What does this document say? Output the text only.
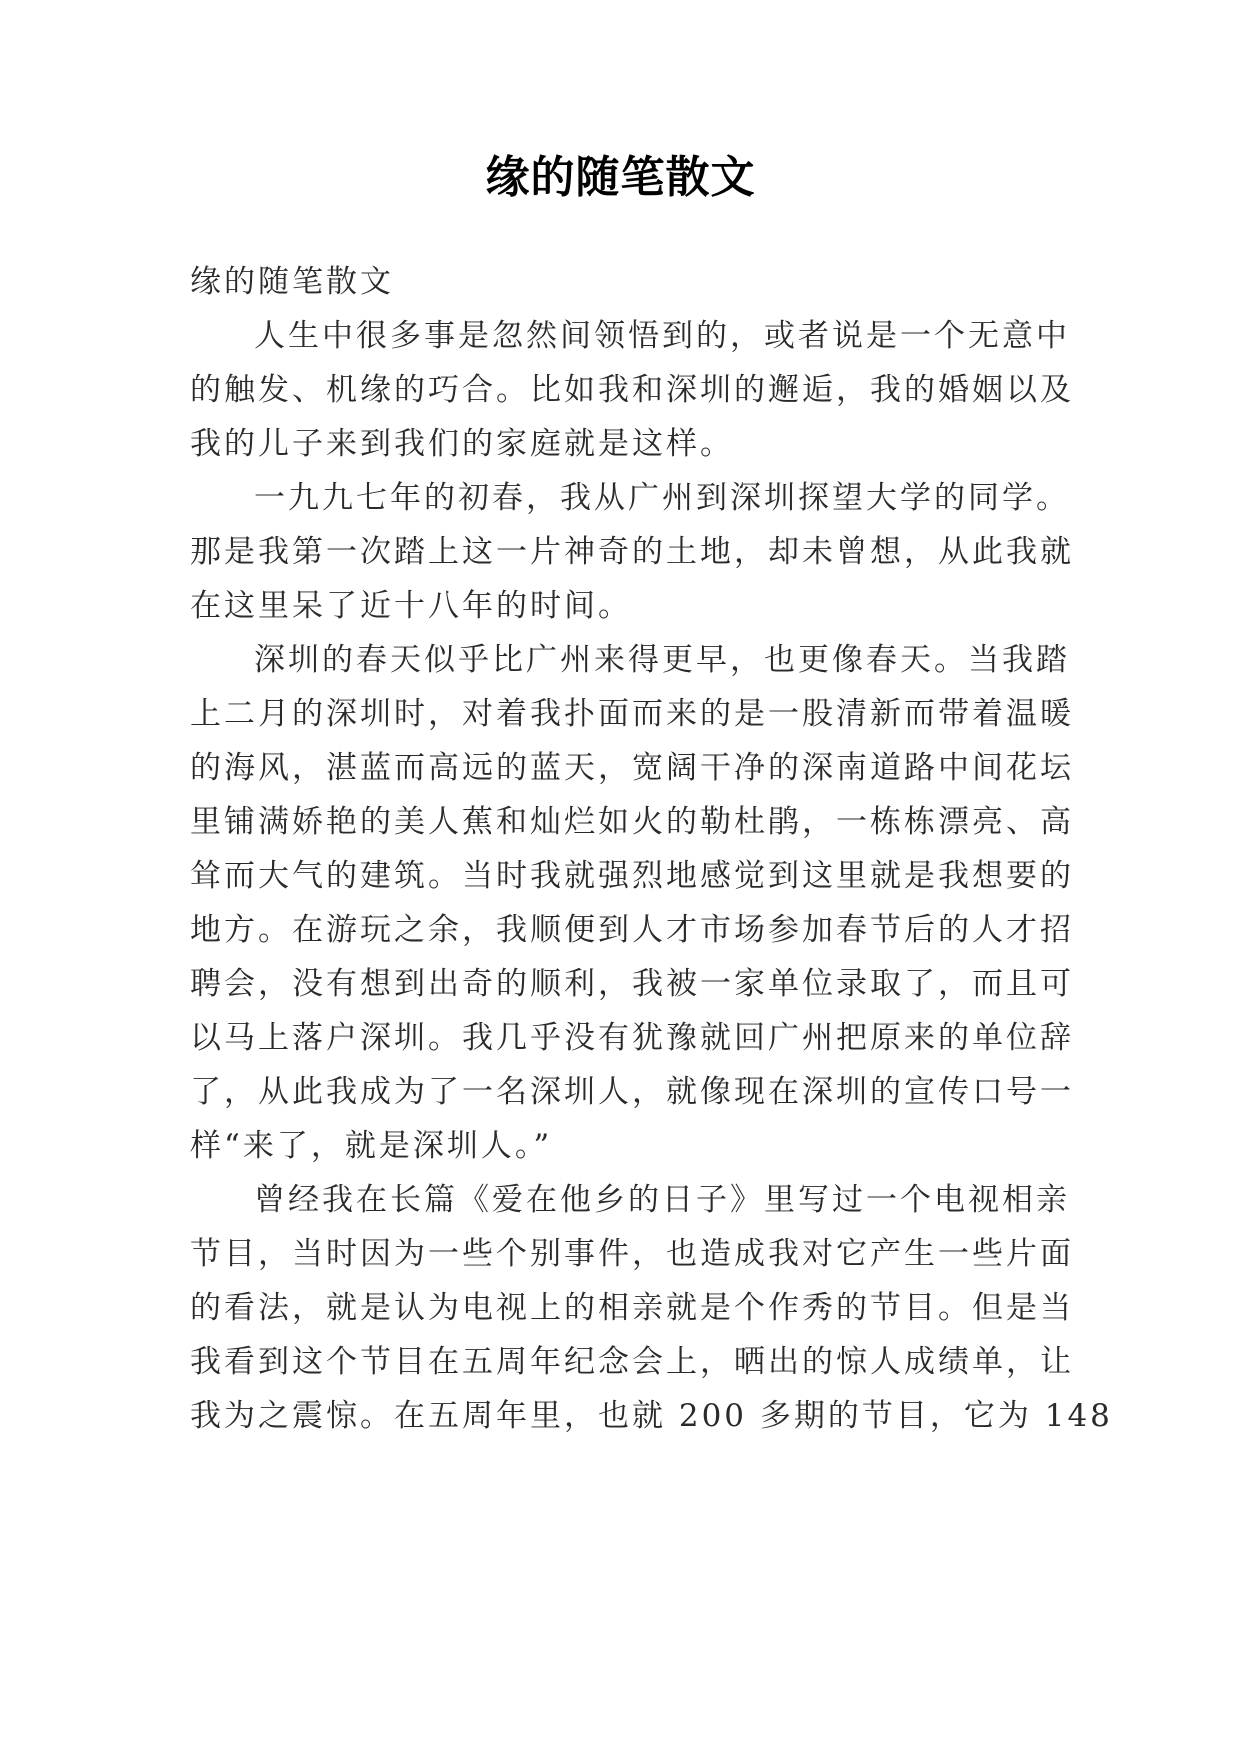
缘的随笔散文

缘的随笔散文

人生中很多事是忽然间领悟到的，或者说是一个无意中

的触发、机缘的巧合。比如我和深圳的邂逅，我的婚姻以及

我的儿子来到我们的家庭就是这样。

一九九七年的初春，我从广州到深圳探望大学的同学。

那是我第一次踏上这一片神奇的土地，却未曾想，从此我就

在这里呆了近十八年的时间。

深圳的春天似乎比广州来得更早，也更像春天。当我踏

上二月的深圳时，对着我扑面而来的是一股清新而带着温暖

的海风，湛蓝而高远的蓝天，宽阔干净的深南道路中间花坛

里铺满娇艳的美人蕉和灿烂如火的勒杜鹃，一栋栋漂亮、高

耸而大气的建筑。当时我就强烈地感觉到这里就是我想要的

地方。在游玩之余，我顺便到人才市场参加春节后的人才招

聘会，没有想到出奇的顺利，我被一家单位录取了，而且可

以马上落户深圳。我几乎没有犹豫就回广州把原来的单位辞

了，从此我成为了一名深圳人，就像现在深圳的宣传口号一

样“来了，就是深圳人。”

曾经我在长篇《爱在他乡的日子》里写过一个电视相亲

节目，当时因为一些个别事件，也造成我对它产生一些片面

的看法，就是认为电视上的相亲就是个作秀的节目。但是当

我看到这个节目在五周年纪念会上，晒出的惊人成绩单，让

我为之震惊。在五周年里，也就 200 多期的节目，它为 148
